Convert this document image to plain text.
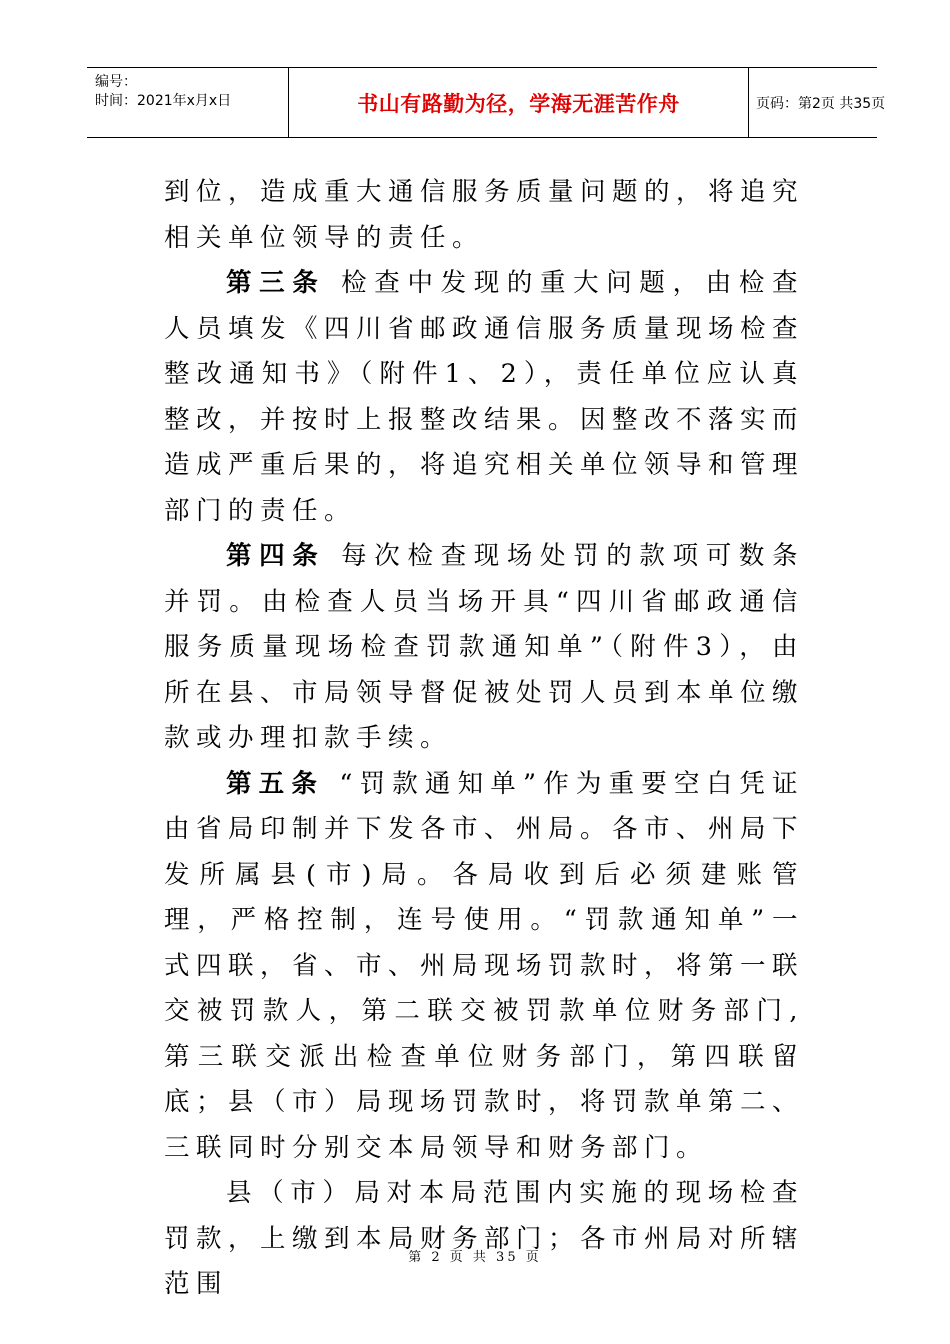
编号：
时间：2021年x月x日	书山有路勤为径，学海无涯苦作舟	页码：第2页 共35页

到位，造成重大通信服务质量问题的，将追究相关单位领导的责任。

第三条 检查中发现的重大问题，由检查人员填发《四川省邮政通信服务质量现场检查整改通知书》（附件1、2），责任单位应认真整改，并按时上报整改结果。因整改不落实而造成严重后果的，将追究相关单位领导和管理部门的责任。

第四条 每次检查现场处罚的款项可数条并罚。由检查人员当场开具“四川省邮政通信服务质量现场检查罚款通知单”（附件3），由所在县、市局领导督促被处罚人员到本单位缴款或办理扣款手续。

第五条 “罚款通知单”作为重要空白凭证由省局印制并下发各市、州局。各市、州局下发所属县(市)局。各局收到后必须建账管理，严格控制，连号使用。“罚款通知单”一式四联，省、市、州局现场罚款时，将第一联交被罚款人，第二联交被罚款单位财务部门,第三联交派出检查单位财务部门，第四联留底；县（市）局现场罚款时，将罚款单第二、三联同时分别交本局领导和财务部门。

县（市）局对本局范围内实施的现场检查罚款，上缴到本局财务部门；各市州局对所辖范围

第 2 页 共 35 页
